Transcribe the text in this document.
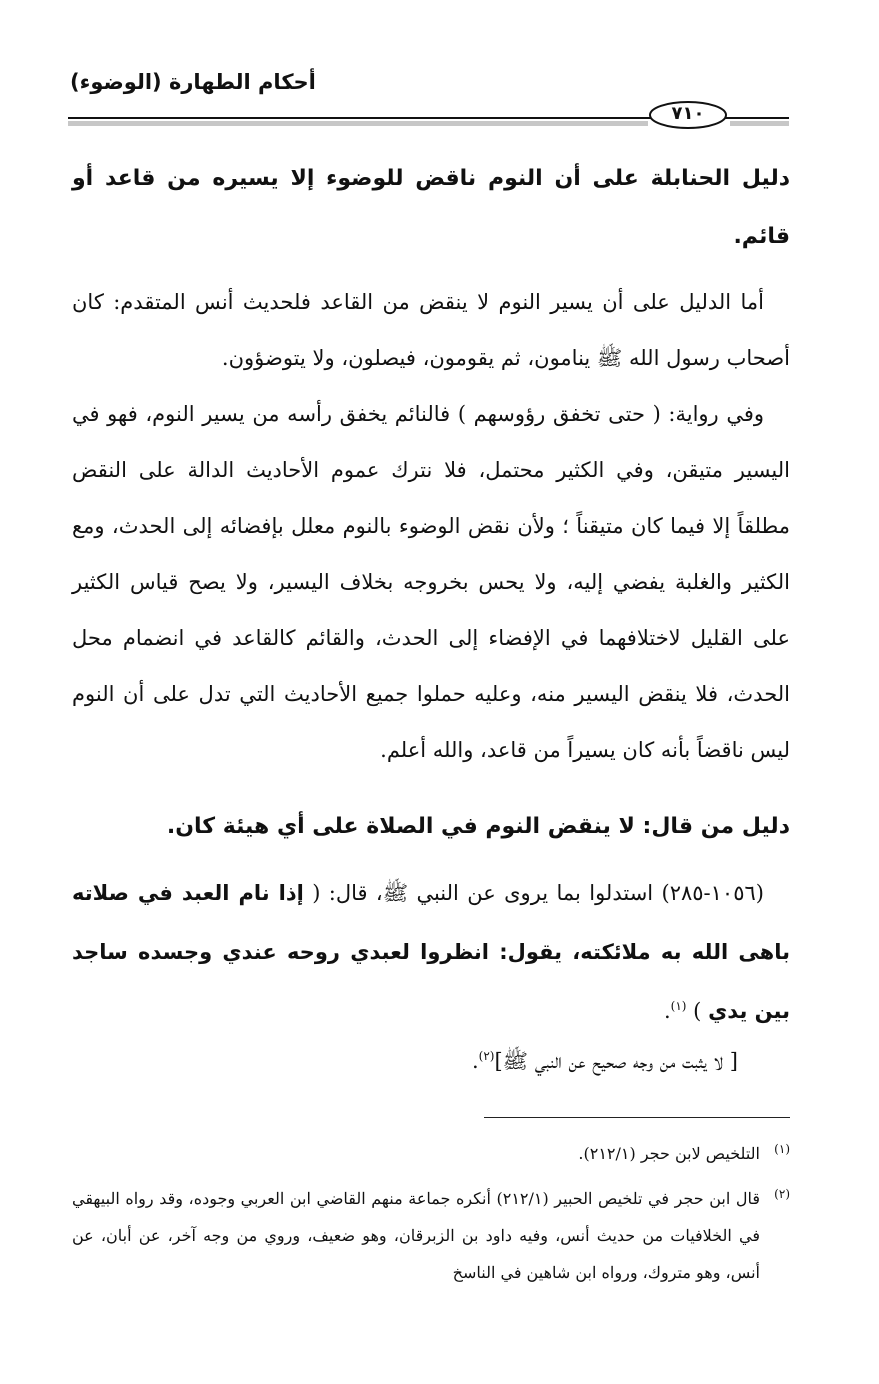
أحكام الطهارة (الوضوء)
٧١٠

دليل الحنابلة على أن النوم ناقض للوضوء إلا يسيره من قاعد أو قائم.

أما الدليل على أن يسير النوم لا ينقض من القاعد فلحديث أنس المتقدم: كان أصحاب رسول الله ﷺ ينامون، ثم يقومون، فيصلون، ولا يتوضؤون.

وفي رواية: ( حتى تخفق رؤوسهم ) فالنائم يخفق رأسه من يسير النوم، فهو في اليسير متيقن، وفي الكثير محتمل، فلا نترك عموم الأحاديث الدالة على النقض مطلقاً إلا فيما كان متيقناً ؛ ولأن نقض الوضوء بالنوم معلل بإفضائه إلى الحدث، ومع الكثير والغلبة يفضي إليه، ولا يحس بخروجه بخلاف اليسير، ولا يصح قياس الكثير على القليل لاختلافهما في الإفضاء إلى الحدث، والقائم كالقاعد في انضمام محل الحدث، فلا ينقض اليسير منه، وعليه حملوا جميع الأحاديث التي تدل على أن النوم ليس ناقضاً بأنه كان يسيراً من قاعد، والله أعلم.

دليل من قال: لا ينقض النوم في الصلاة على أي هيئة كان.

(١٠٥٦-٢٨٥) استدلوا بما يروى عن النبي ﷺ، قال: ( إذا نام العبد في صلاته باهى الله به ملائكته، يقول: انظروا لعبدي روحه عندي وجسده ساجد بين يدي ) $^{(١)}$.

[ لا يثبت من وجه صحيح عن النبي ﷺ]$^{(٢)}$.

(١)
التلخيص لابن حجر (٢١٢/١).

(٢)
قال ابن حجر في تلخيص الحبير (٢١٢/١) أنكره جماعة منهم القاضي ابن العربي وجوده، وقد رواه البيهقي في الخلافيات من حديث أنس، وفيه داود بن الزبرقان، وهو ضعيف، وروي من وجه آخر، عن أبان، عن أنس، وهو متروك، ورواه ابن شاهين في الناسخ
